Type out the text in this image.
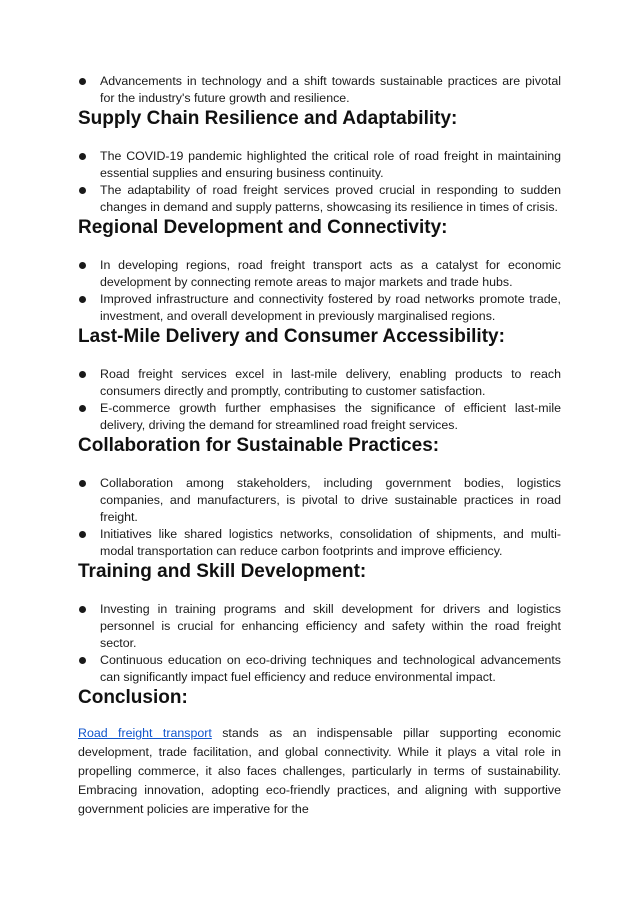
Advancements in technology and a shift towards sustainable practices are pivotal for the industry's future growth and resilience.
Supply Chain Resilience and Adaptability:
The COVID-19 pandemic highlighted the critical role of road freight in maintaining essential supplies and ensuring business continuity.
The adaptability of road freight services proved crucial in responding to sudden changes in demand and supply patterns, showcasing its resilience in times of crisis.
Regional Development and Connectivity:
In developing regions, road freight transport acts as a catalyst for economic development by connecting remote areas to major markets and trade hubs.
Improved infrastructure and connectivity fostered by road networks promote trade, investment, and overall development in previously marginalised regions.
Last-Mile Delivery and Consumer Accessibility:
Road freight services excel in last-mile delivery, enabling products to reach consumers directly and promptly, contributing to customer satisfaction.
E-commerce growth further emphasises the significance of efficient last-mile delivery, driving the demand for streamlined road freight services.
Collaboration for Sustainable Practices:
Collaboration among stakeholders, including government bodies, logistics companies, and manufacturers, is pivotal to drive sustainable practices in road freight.
Initiatives like shared logistics networks, consolidation of shipments, and multi-modal transportation can reduce carbon footprints and improve efficiency.
Training and Skill Development:
Investing in training programs and skill development for drivers and logistics personnel is crucial for enhancing efficiency and safety within the road freight sector.
Continuous education on eco-driving techniques and technological advancements can significantly impact fuel efficiency and reduce environmental impact.
Conclusion:

Road freight transport stands as an indispensable pillar supporting economic development, trade facilitation, and global connectivity. While it plays a vital role in propelling commerce, it also faces challenges, particularly in terms of sustainability. Embracing innovation, adopting eco-friendly practices, and aligning with supportive government policies are imperative for the
